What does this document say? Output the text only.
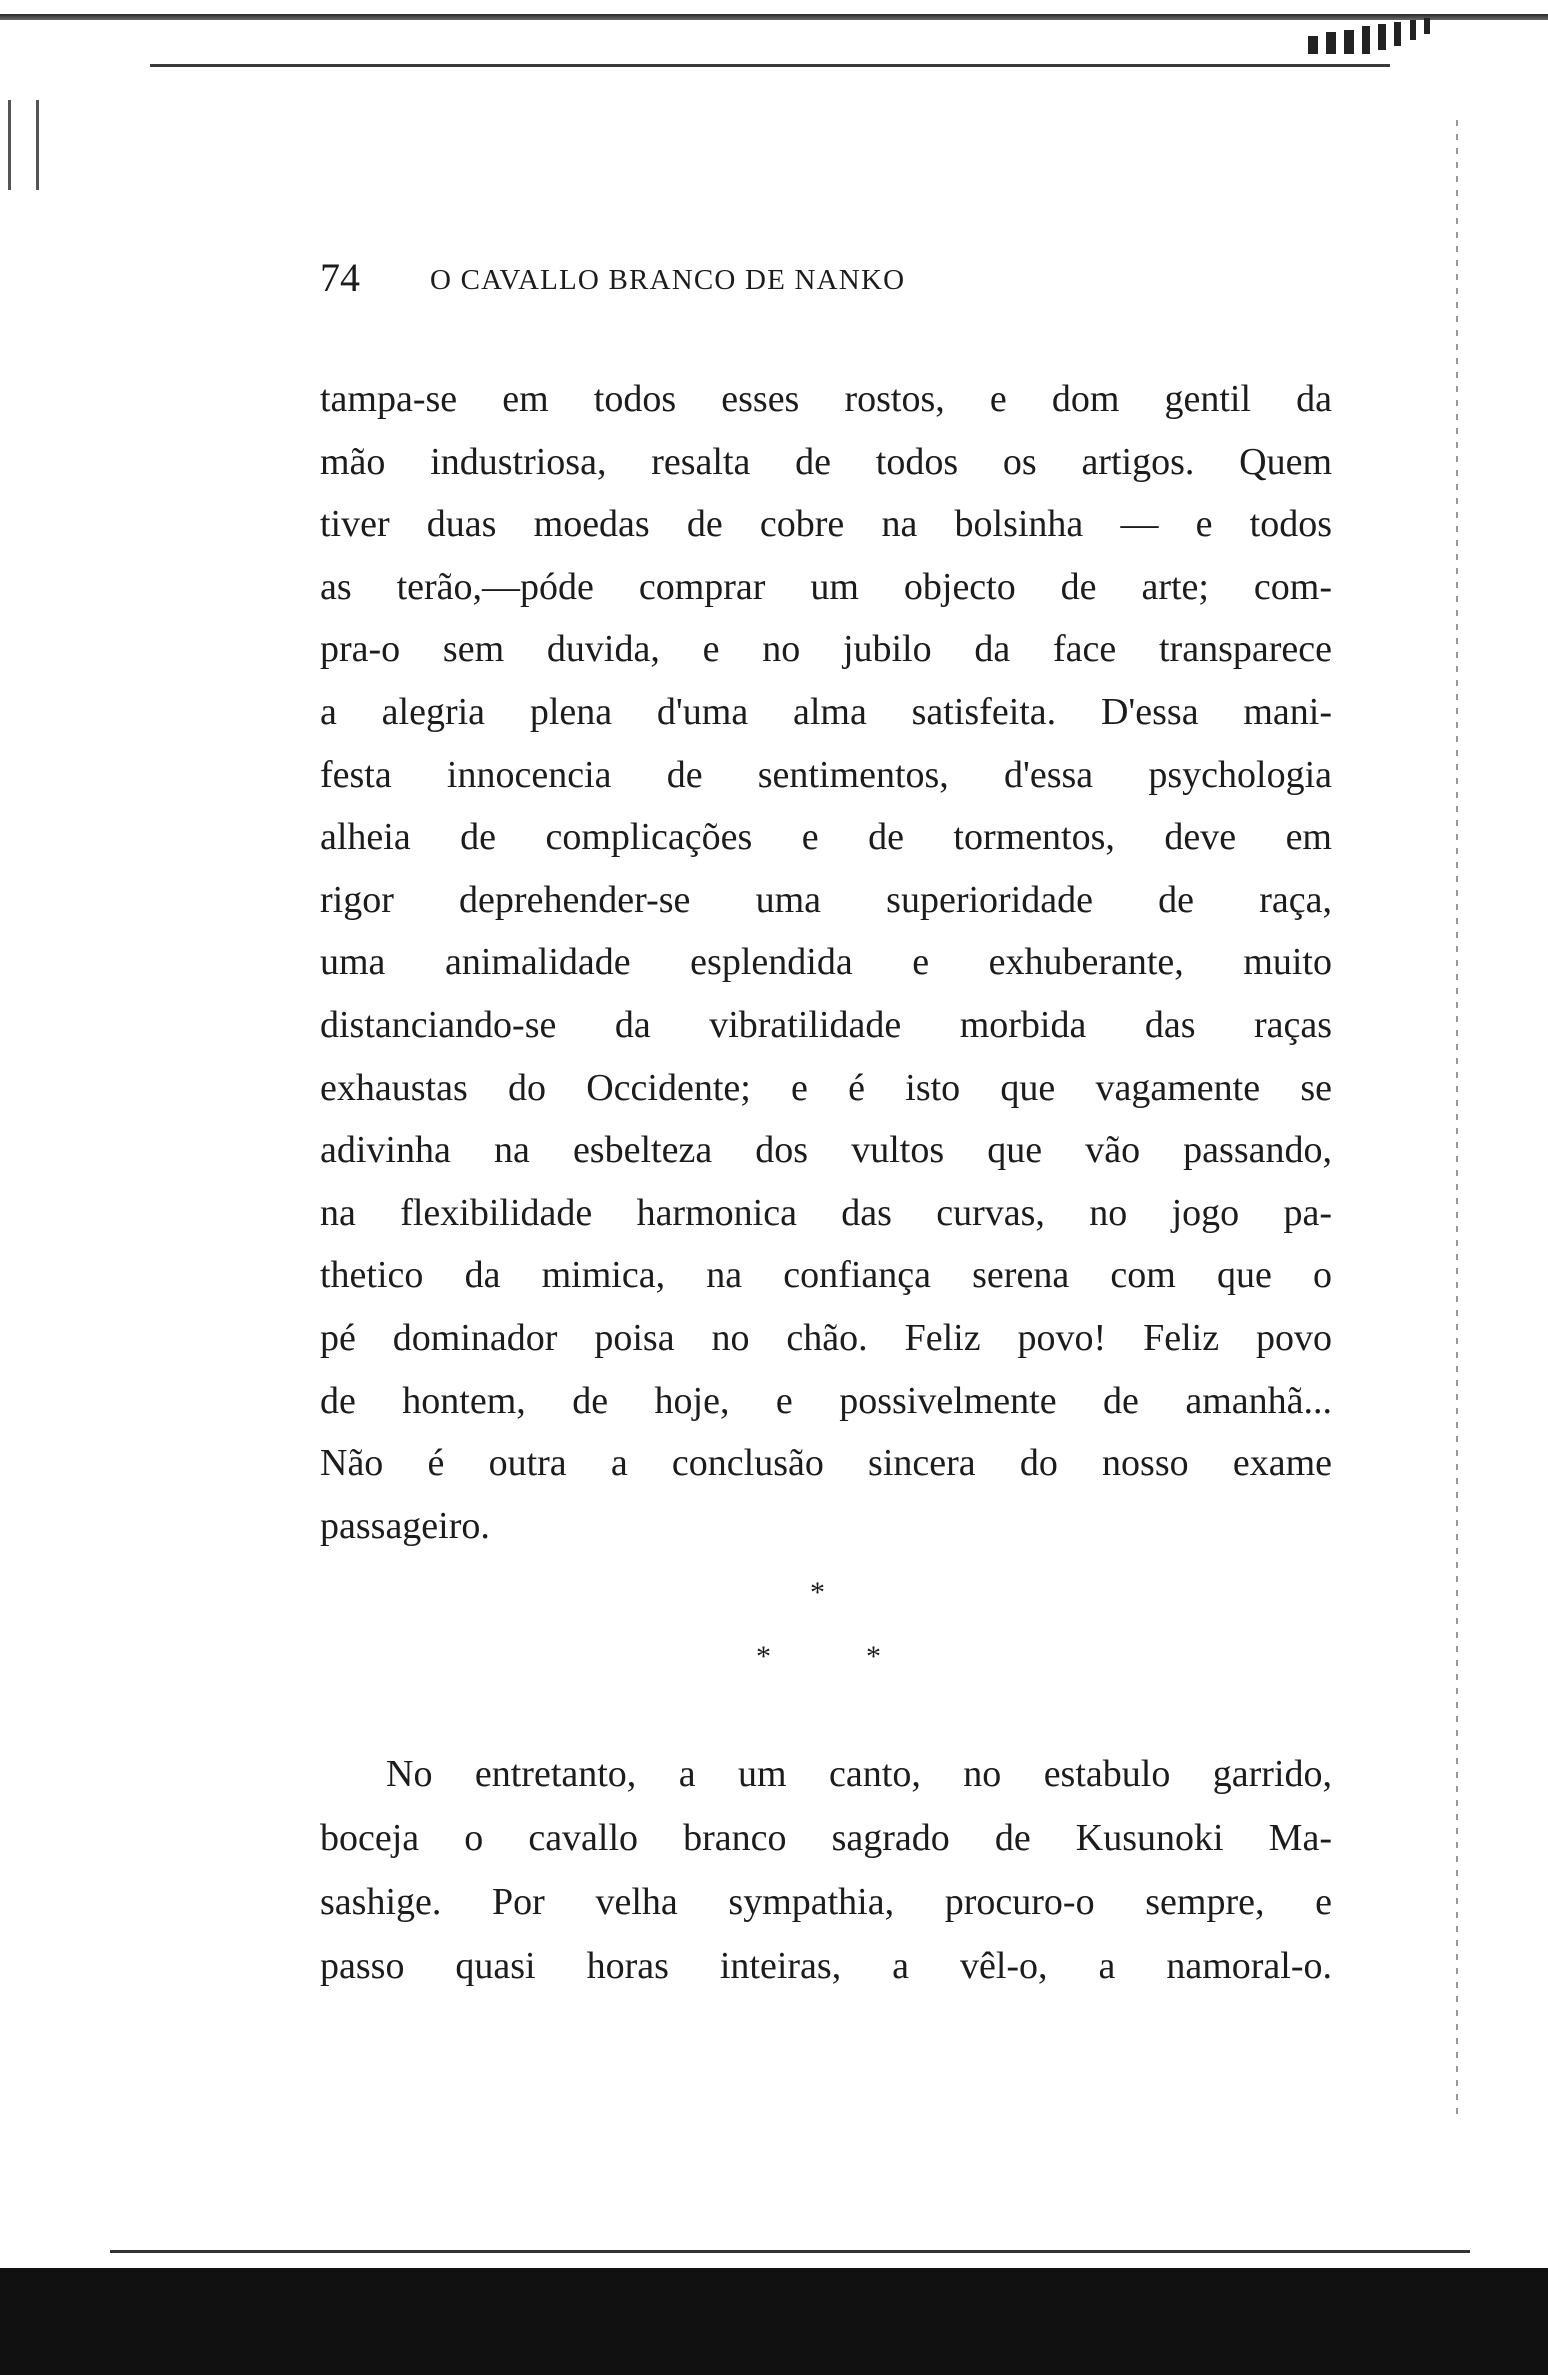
74 O CAVALLO BRANCO DE NANKO
tampa-se em todos esses rostos, e dom gentil da
mão industriosa, resalta de todos os artigos. Quem
tiver duas moedas de cobre na bolsinha — e todos
as terão,—póde comprar um objecto de arte; com-
pra-o sem duvida, e no jubilo da face transparece
a alegria plena d'uma alma satisfeita. D'essa mani-
festa innocencia de sentimentos, d'essa psychologia
alheia de complicações e de tormentos, deve em
rigor deprehender-se uma superioridade de raça,
uma animalidade esplendida e exhuberante, muito
distanciando-se da vibratilidade morbida das raças
exhaustas do Occidente; e é isto que vagamente se
adivinha na esbelteza dos vultos que vão passando,
na flexibilidade harmonica das curvas, no jogo pa-
thetico da mimica, na confiança serena com que o
pé dominador poisa no chão. Feliz povo! Feliz povo
de hontem, de hoje, e possivelmente de amanhã...
Não é outra a conclusão sincera do nosso exame
passageiro.
*
*	*
No entretanto, a um canto, no estabulo garrido,
boceja o cavallo branco sagrado de Kusunoki Ma-
sashige. Por velha sympathia, procuro-o sempre, e
passo quasi horas inteiras, a vêl-o, a namoral-o.
